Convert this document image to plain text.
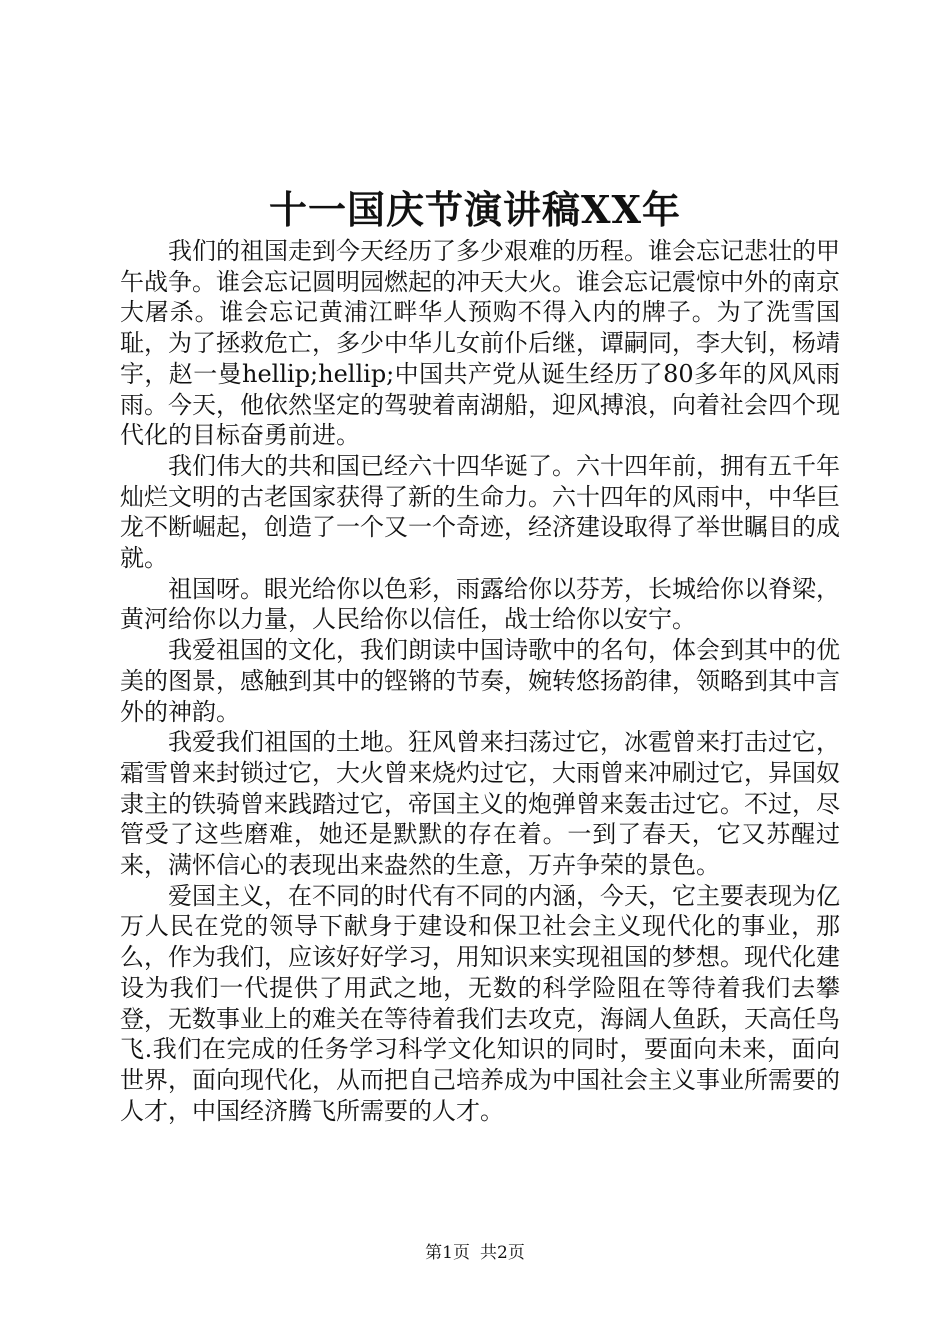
十一国庆节演讲稿XX年

我们的祖国走到今天经历了多少艰难的历程。谁会忘记悲壮的甲午战争。谁会忘记圆明园燃起的冲天大火。谁会忘记震惊中外的南京大屠杀。谁会忘记黄浦江畔华人预购不得入内的牌子。为了洗雪国耻，为了拯救危亡，多少中华儿女前仆后继，谭嗣同，李大钊，杨靖宇，赵一曼hellip;hellip;中国共产党从诞生经历了80多年的风风雨雨。今天，他依然坚定的驾驶着南湖船，迎风搏浪，向着社会四个现代化的目标奋勇前进。

我们伟大的共和国已经六十四华诞了。六十四年前，拥有五千年灿烂文明的古老国家获得了新的生命力。六十四年的风雨中，中华巨龙不断崛起，创造了一个又一个奇迹，经济建设取得了举世瞩目的成就。

祖国呀。眼光给你以色彩，雨露给你以芬芳，长城给你以脊梁，黄河给你以力量，人民给你以信任，战士给你以安宁。

我爱祖国的文化，我们朗读中国诗歌中的名句，体会到其中的优美的图景，感触到其中的铿锵的节奏，婉转悠扬韵律，领略到其中言外的神韵。

我爱我们祖国的土地。狂风曾来扫荡过它，冰雹曾来打击过它，霜雪曾来封锁过它，大火曾来烧灼过它，大雨曾来冲刷过它，异国奴隶主的铁骑曾来践踏过它，帝国主义的炮弹曾来轰击过它。不过，尽管受了这些磨难，她还是默默的存在着。一到了春天，它又苏醒过来，满怀信心的表现出来盎然的生意，万卉争荣的景色。

爱国主义，在不同的时代有不同的内涵，今天，它主要表现为亿万人民在党的领导下献身于建设和保卫社会主义现代化的事业，那么，作为我们，应该好好学习，用知识来实现祖国的梦想。现代化建设为我们一代提供了用武之地，无数的科学险阻在等待着我们去攀登，无数事业上的难关在等待着我们去攻克，海阔人鱼跃，天高任鸟飞.我们在完成的任务学习科学文化知识的同时，要面向未来，面向世界，面向现代化，从而把自己培养成为中国社会主义事业所需要的人才，中国经济腾飞所需要的人才。

第1页 共2页
